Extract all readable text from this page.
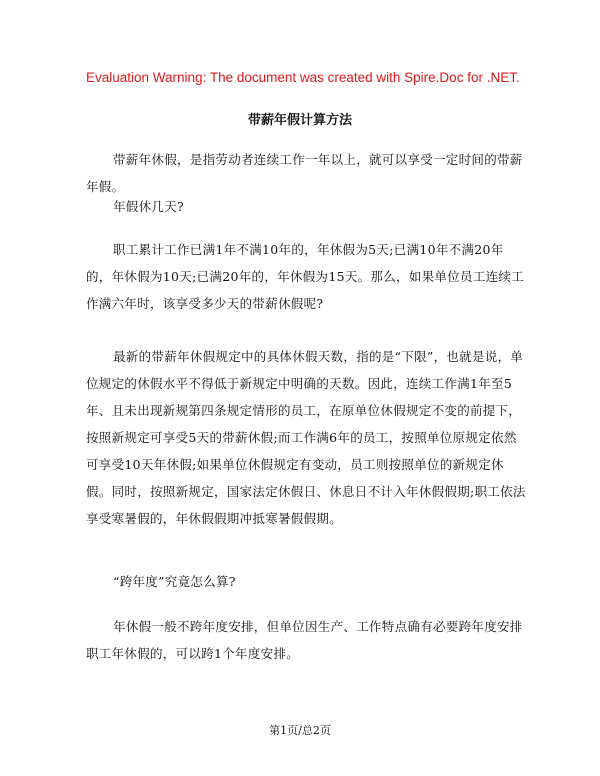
Evaluation Warning: The document was created with Spire.Doc for .NET.
带薪年假计算方法

带薪年休假，是指劳动者连续工作一年以上，就可以享受一定时间的带薪年假。

年假休几天?

职工累计工作已满1年不满10年的，年休假为5天;已满10年不满20年的，年休假为10天;已满20年的，年休假为15天。那么，如果单位员工连续工作满六年时，该享受多少天的带薪休假呢?

最新的带薪年休假规定中的具体休假天数，指的是“下限”，也就是说，单位规定的休假水平不得低于新规定中明确的天数。因此，连续工作满1年至5年、且未出现新规第四条规定情形的员工，在原单位休假规定不变的前提下，按照新规定可享受5天的带薪休假;而工作满6年的员工，按照单位原规定依然可享受10天年休假;如果单位休假规定有变动，员工则按照单位的新规定休假。同时，按照新规定，国家法定休假日、休息日不计入年休假假期;职工依法享受寒暑假的，年休假假期冲抵寒暑假假期。

“跨年度”究竟怎么算?

年休假一般不跨年度安排，但单位因生产、工作特点确有必要跨年度安排职工年休假的，可以跨1个年度安排。

第1页/总2页
